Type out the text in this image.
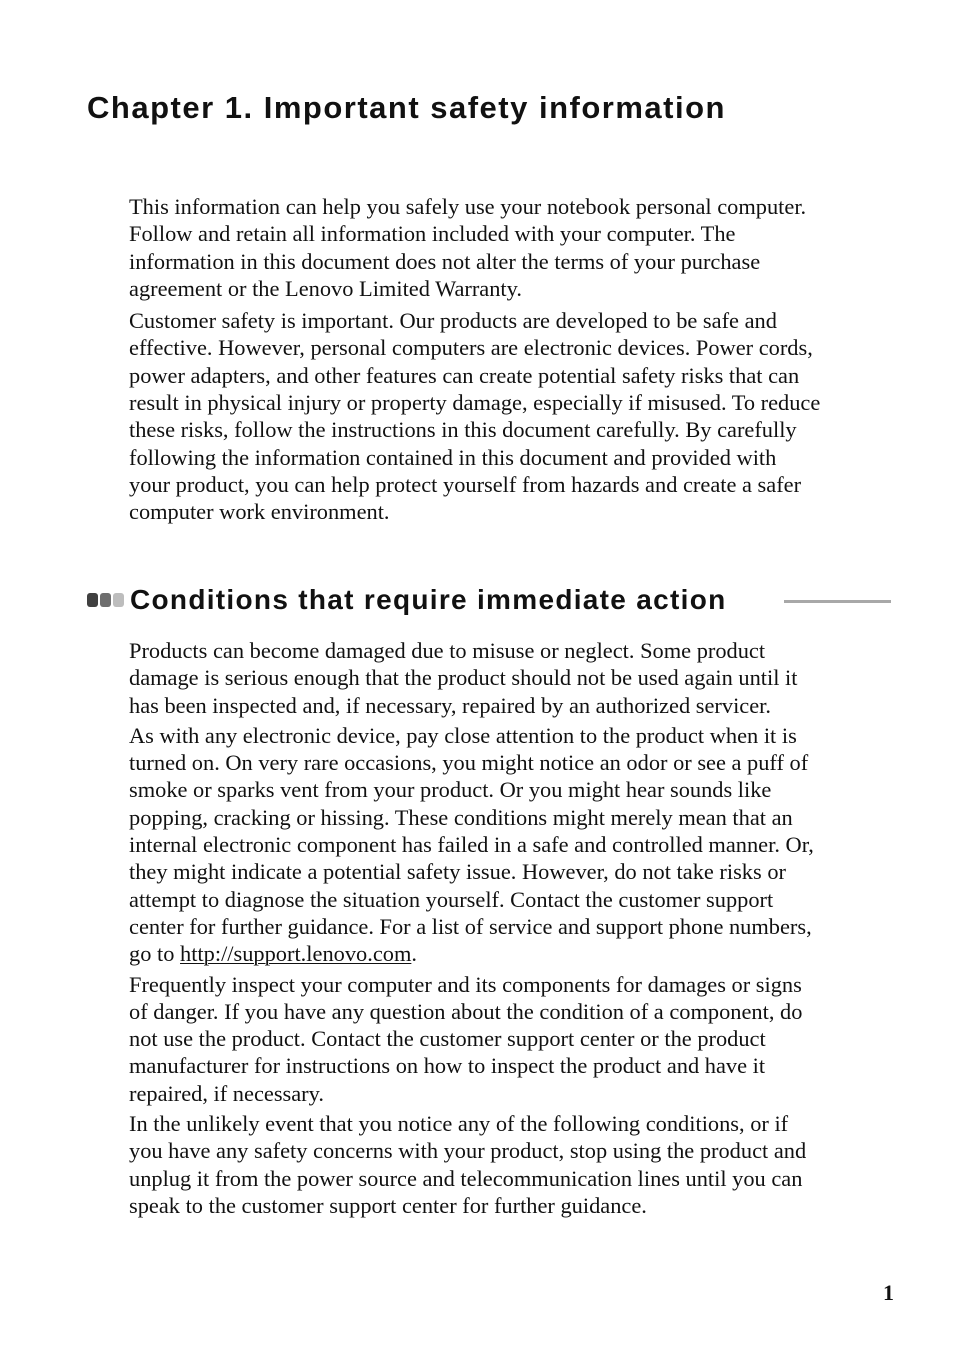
Chapter 1. Important safety information

This information can help you safely use your notebook personal computer.
Follow and retain all information included with your computer. The
information in this document does not alter the terms of your purchase
agreement or the Lenovo Limited Warranty.

Customer safety is important. Our products are developed to be safe and
effective. However, personal computers are electronic devices. Power cords,
power adapters, and other features can create potential safety risks that can
result in physical injury or property damage, especially if misused. To reduce
these risks, follow the instructions in this document carefully. By carefully
following the information contained in this document and provided with
your product, you can help protect yourself from hazards and create a safer
computer work environment.

Conditions that require immediate action

Products can become damaged due to misuse or neglect. Some product
damage is serious enough that the product should not be used again until it
has been inspected and, if necessary, repaired by an authorized servicer.

As with any electronic device, pay close attention to the product when it is
turned on. On very rare occasions, you might notice an odor or see a puff of
smoke or sparks vent from your product. Or you might hear sounds like
popping, cracking or hissing. These conditions might merely mean that an
internal electronic component has failed in a safe and controlled manner. Or,
they might indicate a potential safety issue. However, do not take risks or
attempt to diagnose the situation yourself. Contact the customer support
center for further guidance. For a list of service and support phone numbers,
go to http://support.lenovo.com.

Frequently inspect your computer and its components for damages or signs
of danger. If you have any question about the condition of a component, do
not use the product. Contact the customer support center or the product
manufacturer for instructions on how to inspect the product and have it
repaired, if necessary.

In the unlikely event that you notice any of the following conditions, or if
you have any safety concerns with your product, stop using the product and
unplug it from the power source and telecommunication lines until you can
speak to the customer support center for further guidance.

1
